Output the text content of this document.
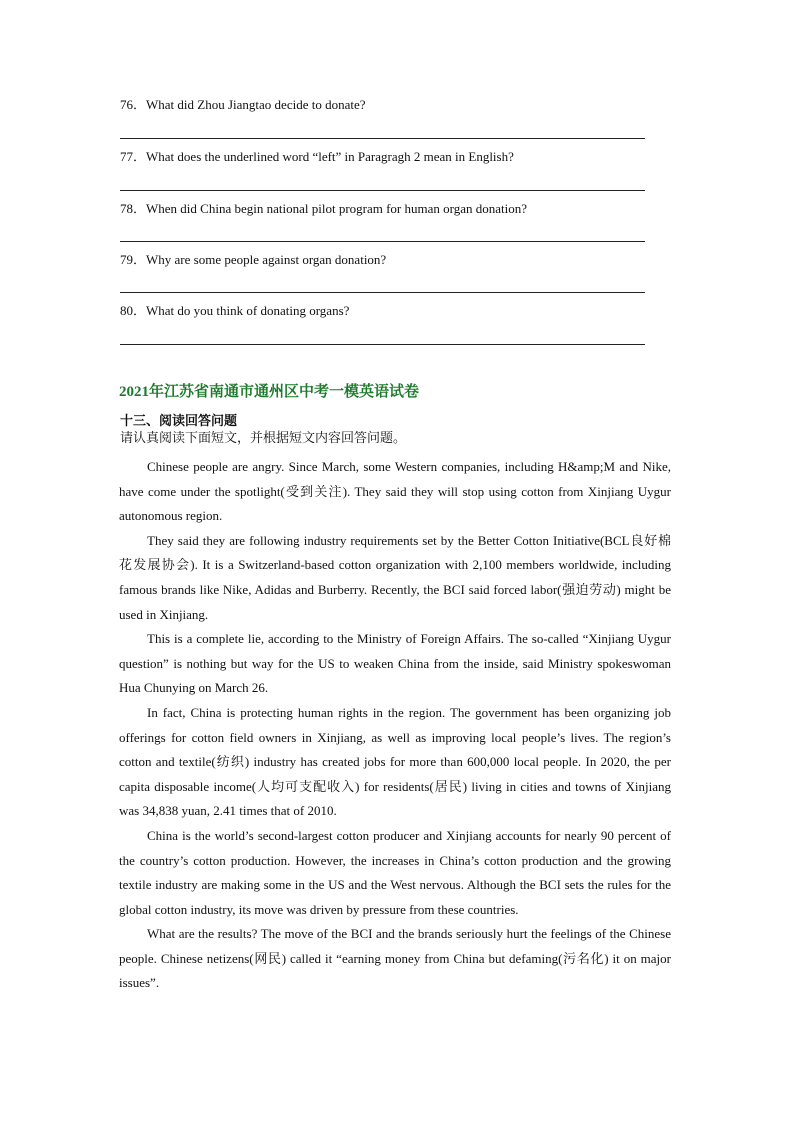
76．What did Zhou Jiangtao decide to donate?
77．What does the underlined word “left” in Paragragh 2 mean in English?
78．When did China begin national pilot program for human organ donation?
79．Why are some people against organ donation?
80．What do you think of donating organs?
2021年江苏省南通市通州区中考一模英语试卷
十三、阅读回答问题
请认真阅读下面短文，并根据短文内容回答问题。

Chinese people are angry. Since March, some Western companies, including H&amp;M and Nike, have come under the spotlight(受到关注). They said they will stop using cotton from Xinjiang Uygur autonomous region.

They said they are following industry requirements set by the Better Cotton Initiative(BCL良好棉花发展协会). It is a Switzerland-based cotton organization with 2,100 members worldwide, including famous brands like Nike, Adidas and Burberry. Recently, the BCI said forced labor(强迫劳动) might be used in Xinjiang.

This is a complete lie, according to the Ministry of Foreign Affairs. The so-called “Xinjiang Uygur question” is nothing but way for the US to weaken China from the inside, said Ministry spokeswoman Hua Chunying on March 26.

In fact, China is protecting human rights in the region. The government has been organizing job offerings for cotton field owners in Xinjiang, as well as improving local people’s lives. The region’s cotton and textile(纺织) industry has created jobs for more than 600,000 local people. In 2020, the per capita disposable income(人均可支配收入) for residents(居民) living in cities and towns of Xinjiang was 34,838 yuan, 2.41 times that of 2010.

China is the world’s second-largest cotton producer and Xinjiang accounts for nearly 90 percent of the country’s cotton production. However, the increases in China’s cotton production and the growing textile industry are making some in the US and the West nervous. Although the BCI sets the rules for the global cotton industry, its move was driven by pressure from these countries.

What are the results? The move of the BCI and the brands seriously hurt the feelings of the Chinese people. Chinese netizens(网民) called it “earning money from China but defaming(污名化) it on major issues”.
